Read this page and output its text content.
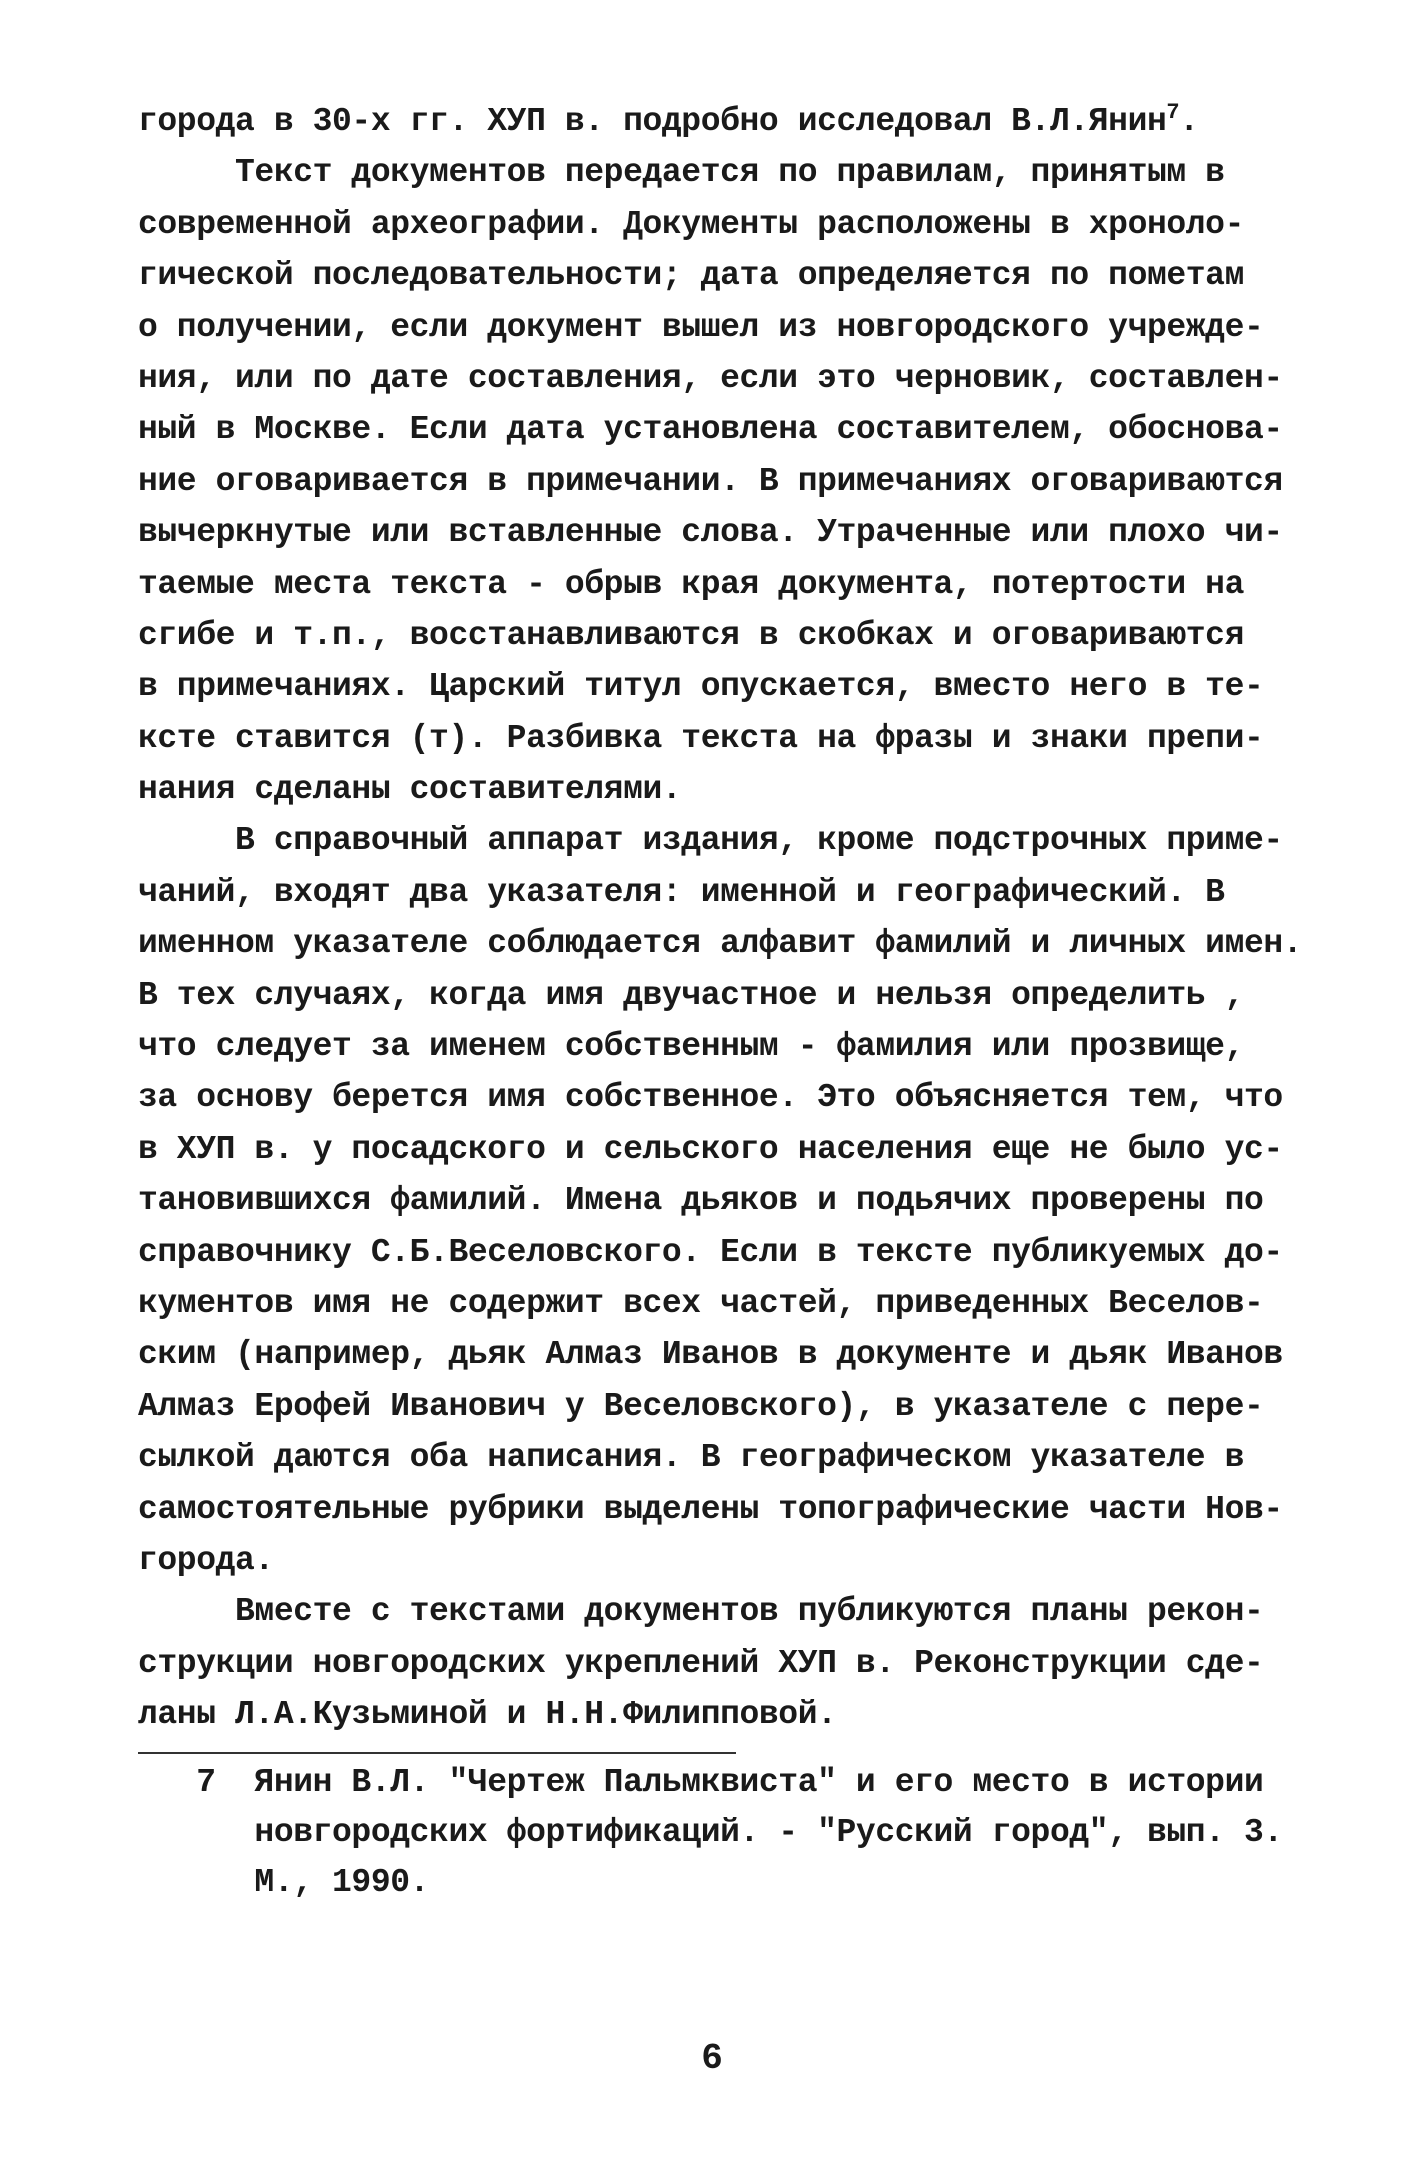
города в 30-х гг. ХУП в. подробно исследовал В.Л.Янин$^7$.
Текст документов передается по правилам, принятым в
современной археографии. Документы расположены в хроноло-
гической последовательности; дата определяется по пометам
о получении, если документ вышел из новгородского учрежде-
ния, или по дате составления, если это черновик, составлен-
ный в Москве. Если дата установлена составителем, обоснова-
ние оговаривается в примечании. В примечаниях оговариваются
вычеркнутые или вставленные слова. Утраченные или плохо чи-
таемые места текста - обрыв края документа, потертости на
сгибе и т.п., восстанавливаются в скобках и оговариваются
в примечаниях. Царский титул опускается, вместо него в те-
ксте ставится (т). Разбивка текста на фразы и знаки препи-
нания сделаны составителями.
В справочный аппарат издания, кроме подстрочных приме-
чаний, входят два указателя: именной и географический. В
именном указателе соблюдается алфавит фамилий и личных имен.
В тех случаях, когда имя двучастное и нельзя определить ,
что следует за именем собственным - фамилия или прозвище,
за основу берется имя собственное. Это объясняется тем, что
в ХУП в. у посадского и сельского населения еще не было ус-
тановившихся фамилий. Имена дьяков и подьячих проверены по
справочнику С.Б.Веселовского. Если в тексте публикуемых до-
кументов имя не содержит всех частей, приведенных Веселов-
ским (например, дьяк Алмаз Иванов в документе и дьяк Иванов
Алмаз Ерофей Иванович у Веселовского), в указателе с пере-
сылкой даются оба написания. В географическом указателе в
самостоятельные рубрики выделены топографические части Нов-
города.
Вместе с текстами документов публикуются планы рекон-
струкции новгородских укреплений ХУП в. Реконструкции сде-
ланы Л.А.Кузьминой и Н.Н.Филипповой.
7  Янин В.Л. "Чертеж Пальмквиста" и его место в истории
новгородских фортификаций. - "Русский город", вып. 3.
М., 1990.
6
